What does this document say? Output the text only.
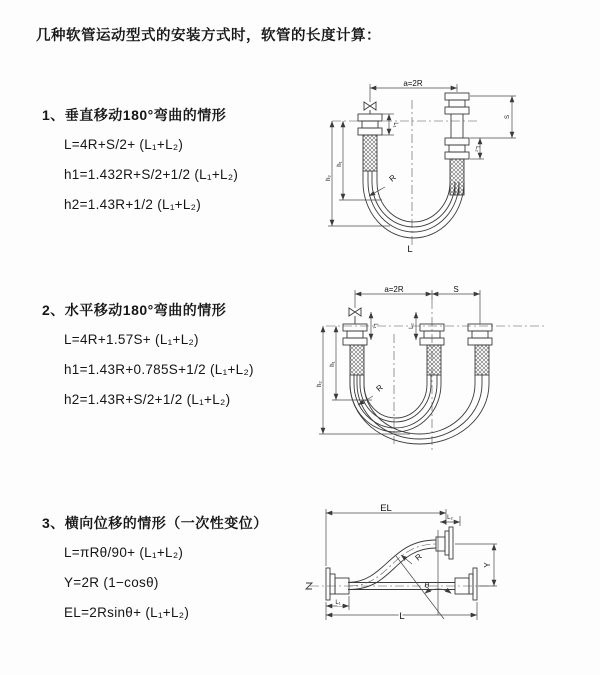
几种软管运动型式的安装方式时，软管的长度计算：
1、垂直移动180°弯曲的情形
L=4R+S/2+ (L₁+L₂)
h1=1.432R+S/2+1/2 (L₁+L₂)
h2=1.43R+1/2 (L₁+L₂)
a=2R
h₁
h₂
L₁
S
L₂
R
L
2、水平移动180°弯曲的情形
L=4R+1.57S+ (L₁+L₂)
h1=1.43R+0.785S+1/2 (L₁+L₂)
h2=1.43R+S/2+1/2 (L₁+L₂)
a=2R	S
h₁
h₂
L₁	L₂
R
3、横向位移的情形（一次性变位）
L=πRθ/90+ (L₁+L₂)
Y=2R (1−cosθ)
EL=2Rsinθ+ (L₁+L₂)
EL
L₂
Y
θ
R
L
L₁
